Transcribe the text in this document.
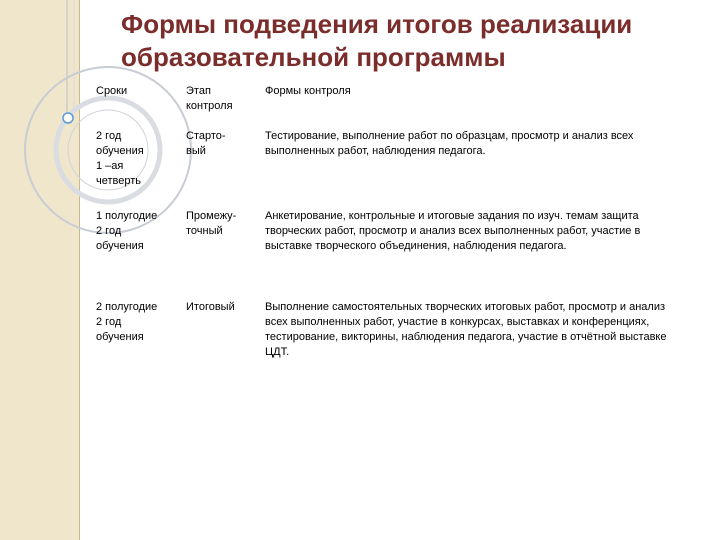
Формы подведения итогов реализации образовательной программы
Сроки	Этап
контроля
Формы контроля
2 год
обучения
1 –ая
четверть
Старто-
вый
Тестирование, выполнение работ по образцам, просмотр и анализ всех выполненных работ, наблюдения педагога.
1 полугодие
2 год
обучения
Промежу-
точный
Анкетирование, контрольные и итоговые задания по изуч. темам защита творческих работ, просмотр и анализ всех выполненных работ, участие в выставке творческого объединения, наблюдения педагога.
2 полугодие
2 год
обучения
Итоговый	Выполнение самостоятельных творческих итоговых работ, просмотр и анализ всех выполненных работ, участие в конкурсах, выставках и конференциях, тестирование, викторины, наблюдения педагога, участие в отчётной выставке ЦДТ.
